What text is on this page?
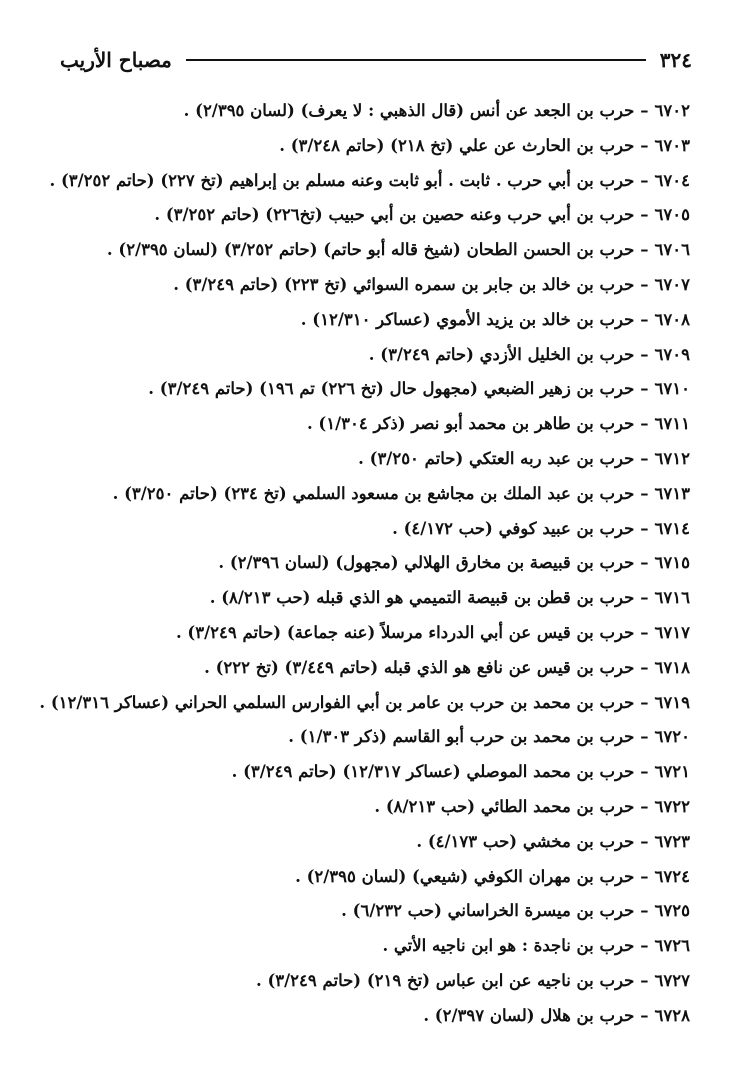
٣٢٤
مصباح الأريب
٦٧٠٢–حرب بن الجعد عن أنس (قال الذهبي : لا يعرف) (لسان ٢/٣٩٥) .
٦٧٠٣–حرب بن الحارث عن علي (تخ ٢١٨) (حاتم ٣/٢٤٨) .
٦٧٠٤–حرب بن أبي حرب . ثابت . أبو ثابت وعنه مسلم بن إبراهيم (تخ ٢٢٧) (حاتم ٣/٢٥٢) .
٦٧٠٥–حرب بن أبي حرب وعنه حصين بن أبي حبيب (تخ٢٢٦) (حاتم ٣/٢٥٢) .
٦٧٠٦–حرب بن الحسن الطحان (شيخ قاله أبو حاتم) (حاتم ٣/٢٥٢) (لسان ٢/٣٩٥) .
٦٧٠٧–حرب بن خالد بن جابر بن سمره السوائي (تخ ٢٢٣) (حاتم ٣/٢٤٩) .
٦٧٠٨–حرب بن خالد بن يزيد الأموي (عساكر ١٢/٣١٠) .
٦٧٠٩–حرب بن الخليل الأزدي (حاتم ٣/٢٤٩) .
٦٧١٠–حرب بن زهير الضبعي (مجهول حال (تخ ٢٢٦) تم ١٩٦) (حاتم ٣/٢٤٩) .
٦٧١١–حرب بن طاهر بن محمد أبو نصر (ذكر ١/٣٠٤) .
٦٧١٢–حرب بن عبد ربه العتكي (حاتم ٣/٢٥٠) .
٦٧١٣–حرب بن عبد الملك بن مجاشع بن مسعود السلمي (تخ ٢٣٤) (حاتم ٣/٢٥٠) .
٦٧١٤–حرب بن عبيد كوفي (حب ٤/١٧٢) .
٦٧١٥–حرب بن قبيصة بن مخارق الهلالي (مجهول) (لسان ٢/٣٩٦) .
٦٧١٦–حرب بن قطن بن قبيصة التميمي هو الذي قبله (حب ٨/٢١٣) .
٦٧١٧–حرب بن قيس عن أبي الدرداء مرسلاً (عنه جماعة) (حاتم ٣/٢٤٩) .
٦٧١٨–حرب بن قيس عن نافع هو الذي قبله (حاتم ٣/٤٤٩) (تخ ٢٢٢) .
٦٧١٩–حرب بن محمد بن حرب بن عامر بن أبي الفوارس السلمي الحراني (عساكر ١٢/٣١٦) .
٦٧٢٠–حرب بن محمد بن حرب أبو القاسم (ذكر ١/٣٠٣) .
٦٧٢١–حرب بن محمد الموصلي (عساكر ١٢/٣١٧) (حاتم ٣/٢٤٩) .
٦٧٢٢–حرب بن محمد الطائي (حب ٨/٢١٣) .
٦٧٢٣–حرب بن مخشي (حب ٤/١٧٣) .
٦٧٢٤–حرب بن مهران الكوفي (شيعي) (لسان ٢/٣٩٥) .
٦٧٢٥–حرب بن ميسرة الخراساني (حب ٦/٢٣٢) .
٦٧٢٦–حرب بن ناجدة : هو ابن ناجيه الأتي .
٦٧٢٧–حرب بن ناجيه عن ابن عباس (تخ ٢١٩) (حاتم ٣/٢٤٩) .
٦٧٢٨–حرب بن هلال (لسان ٢/٣٩٧) .
